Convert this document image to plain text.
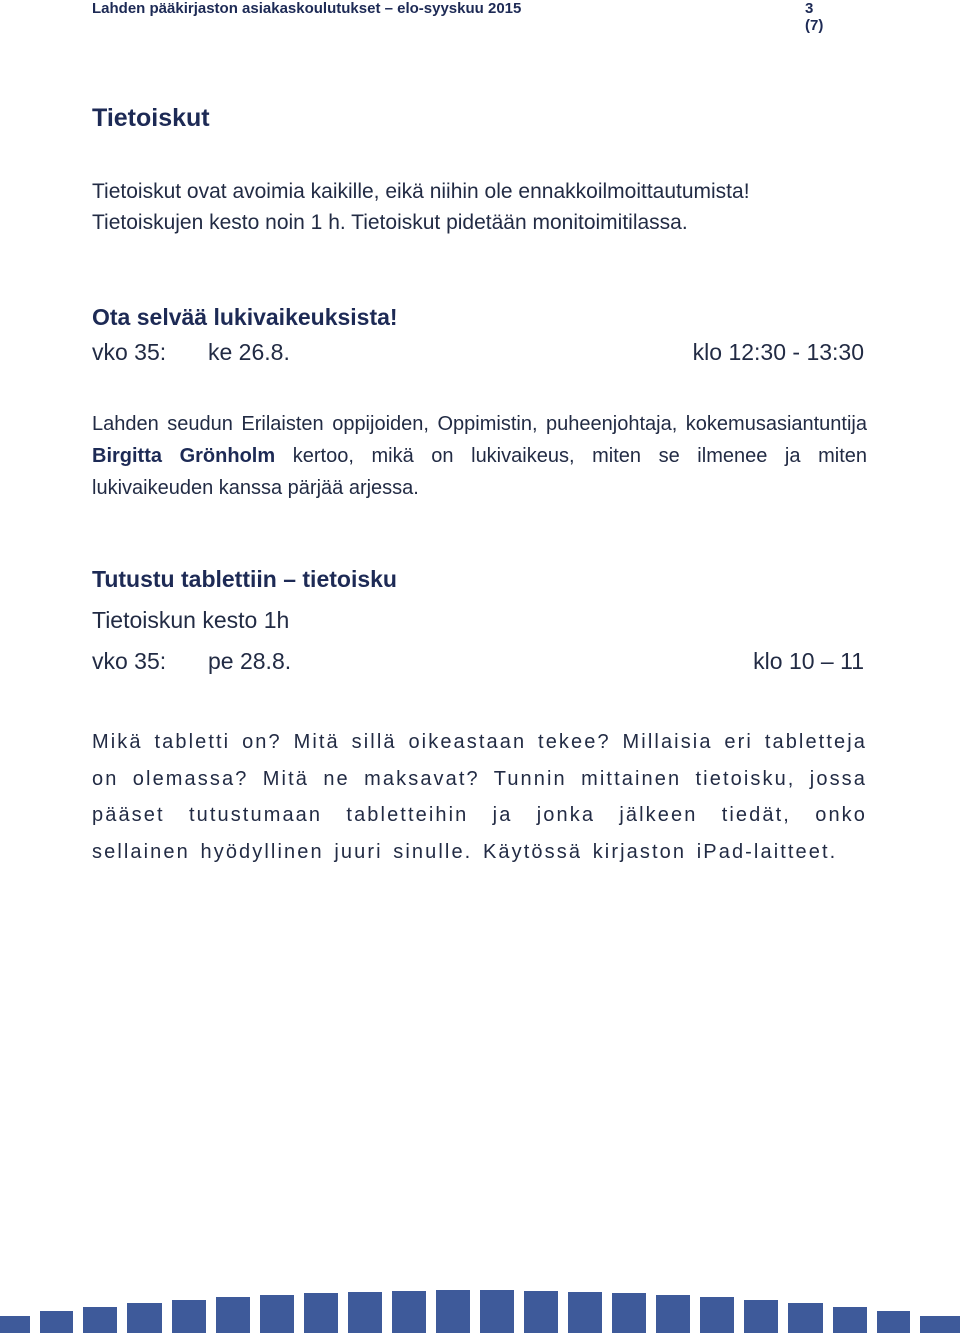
Lahden pääkirjaston asiakaskoulutukset – elo-syyskuu 2015	3 (7)
Tietoiskut

Tietoiskut ovat avoimia kaikille, eikä niihin ole ennakkoilmoittautumista!

Tietoiskujen kesto noin 1 h. Tietoiskut pidetään monitoimitilassa.

Ota selvää lukivaikeuksista!
vko 35: ke 26.8.	klo 12:30 - 13:30

Lahden seudun Erilaisten oppijoiden, Oppimistin, puheenjohtaja, kokemusasiantuntija Birgitta Grönholm kertoo, mikä on lukivaikeus, miten se ilmenee ja miten lukivaikeuden kanssa pärjää arjessa.

Tutustu tablettiin – tietoisku
Tietoiskun kesto 1h
vko 35: pe 28.8.	klo 10 – 11

Mikä tabletti on? Mitä sillä oikeastaan tekee? Millaisia eri tabletteja on olemassa? Mitä ne maksavat? Tunnin mittainen tietoisku, jossa pääset tutustumaan tabletteihin ja jonka jälkeen tiedät, onko sellainen hyödyllinen juuri sinulle. Käytössä kirjaston iPad-laitteet.
